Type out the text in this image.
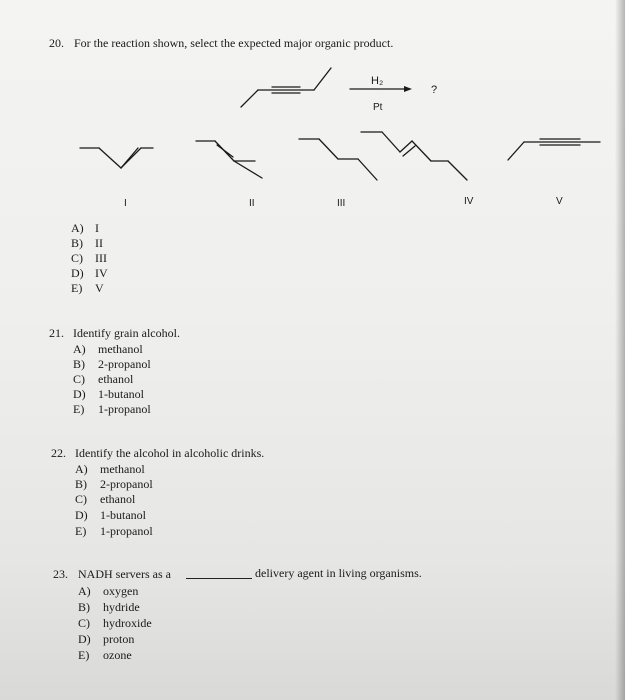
20. For the reaction shown, select the expected major organic product.
H₂
Pt
?
I	II	III	IV	V
A) I
B) II
C) III
D) IV
E) V
21. Identify grain alcohol.
A) methanol
B) 2-propanol
C) ethanol
D) 1-butanol
E) 1-propanol
22. Identify the alcohol in alcoholic drinks.
A) methanol
B) 2-propanol
C) ethanol
D) 1-butanol
E) 1-propanol
23. NADH servers as a	delivery agent in living organisms.
A) oxygen
B) hydride
C) hydroxide
D) proton
E) ozone
